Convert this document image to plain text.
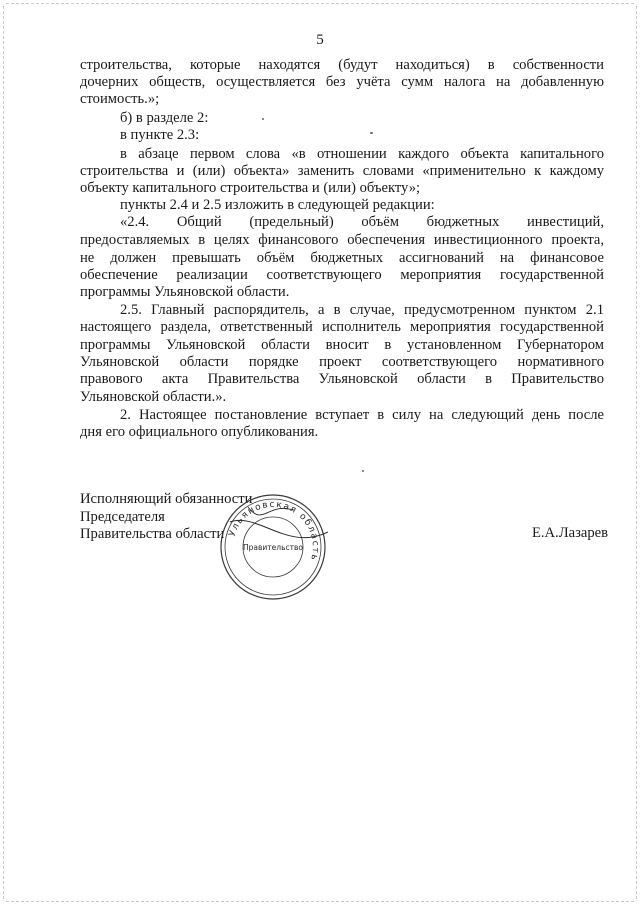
5
строительства, которые находятся (будут находиться) в собственности
дочерних обществ, осуществляется без учёта сумм налога на добавленную
стоимость.»;
б) в разделе 2:
в пункте 2.3:
в абзаце первом слова «в отношении каждого объекта капитального
строительства и (или) объекта» заменить словами «применительно к каждому
объекту капитального строительства и (или) объекту»;
пункты 2.4 и 2.5 изложить в следующей редакции:
«2.4. Общий (предельный) объём бюджетных инвестиций,
предоставляемых в целях финансового обеспечения инвестиционного проекта,
не должен превышать объём бюджетных ассигнований на финансовое
обеспечение реализации соответствующего мероприятия государственной
программы Ульяновской области.
2.5. Главный распорядитель, а в случае, предусмотренном пунктом 2.1
настоящего раздела, ответственный исполнитель мероприятия государственной
программы Ульяновской области вносит в установленном Губернатором
Ульяновской области порядке проект соответствующего нормативного
правового акта Правительства Ульяновской области в Правительство
Ульяновской области.».
2. Настоящее постановление вступает в силу на следующий день после
дня его официального опубликования.
Исполняющий обязанности
Председателя
Правительства области	Е.А.Лазарев
Ульяновская область
Правительство
